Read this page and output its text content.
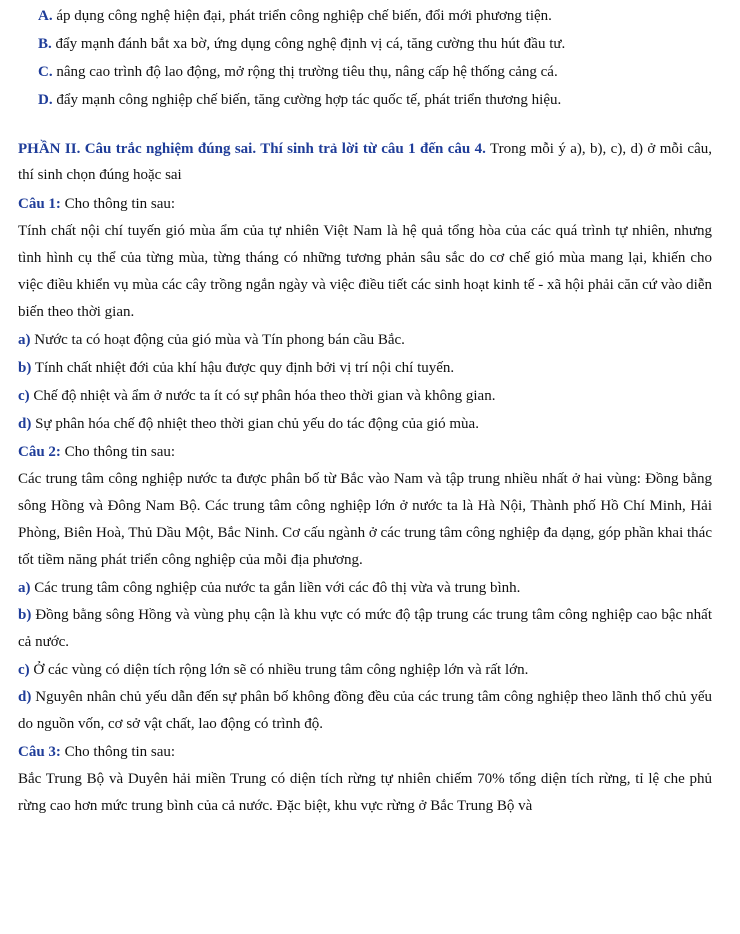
A. áp dụng công nghệ hiện đại, phát triển công nghiệp chế biến, đổi mới phương tiện.

B. đẩy mạnh đánh bắt xa bờ, ứng dụng công nghệ định vị cá, tăng cường thu hút đầu tư.

C. nâng cao trình độ lao động, mở rộng thị trường tiêu thụ, nâng cấp hệ thống cảng cá.

D. đẩy mạnh công nghiệp chế biến, tăng cường hợp tác quốc tế, phát triển thương hiệu.

PHẦN II. Câu trắc nghiệm đúng sai. Thí sinh trả lời từ câu 1 đến câu 4. Trong mỗi ý a), b), c), d) ở mỗi câu, thí sinh chọn đúng hoặc sai

Câu 1: Cho thông tin sau:

Tính chất nội chí tuyến gió mùa ẩm của tự nhiên Việt Nam là hệ quả tổng hòa của các quá trình tự nhiên, nhưng tình hình cụ thể của từng mùa, từng tháng có những tương phản sâu sắc do cơ chế gió mùa mang lại, khiến cho việc điều khiển vụ mùa các cây trồng ngắn ngày và việc điều tiết các sinh hoạt kinh tế - xã hội phải căn cứ vào diễn biến theo thời gian.

a) Nước ta có hoạt động của gió mùa và Tín phong bán cầu Bắc.

b) Tính chất nhiệt đới của khí hậu được quy định bởi vị trí nội chí tuyến.

c) Chế độ nhiệt và ẩm ở nước ta ít có sự phân hóa theo thời gian và không gian.

d) Sự phân hóa chế độ nhiệt theo thời gian chủ yếu do tác động của gió mùa.

Câu 2: Cho thông tin sau:

Các trung tâm công nghiệp nước ta được phân bố từ Bắc vào Nam và tập trung nhiều nhất ở hai vùng: Đồng bằng sông Hồng và Đông Nam Bộ. Các trung tâm công nghiệp lớn ở nước ta là Hà Nội, Thành phố Hồ Chí Minh, Hải Phòng, Biên Hoà, Thủ Dầu Một, Bắc Ninh. Cơ cấu ngành ở các trung tâm công nghiệp đa dạng, góp phần khai thác tốt tiềm năng phát triển công nghiệp của mỗi địa phương.

a) Các trung tâm công nghiệp của nước ta gắn liền với các đô thị vừa và trung bình.

b) Đồng bằng sông Hồng và vùng phụ cận là khu vực có mức độ tập trung các trung tâm công nghiệp cao bậc nhất cả nước.

c) Ở các vùng có diện tích rộng lớn sẽ có nhiều trung tâm công nghiệp lớn và rất lớn.

d) Nguyên nhân chủ yếu dẫn đến sự phân bố không đồng đều của các trung tâm công nghiệp theo lãnh thổ chủ yếu do nguồn vốn, cơ sở vật chất, lao động có trình độ.

Câu 3: Cho thông tin sau:

Bắc Trung Bộ và Duyên hải miền Trung có diện tích rừng tự nhiên chiếm 70% tổng diện tích rừng, tỉ lệ che phủ rừng cao hơn mức trung bình của cả nước. Đặc biệt, khu vực rừng ở Bắc Trung Bộ và
